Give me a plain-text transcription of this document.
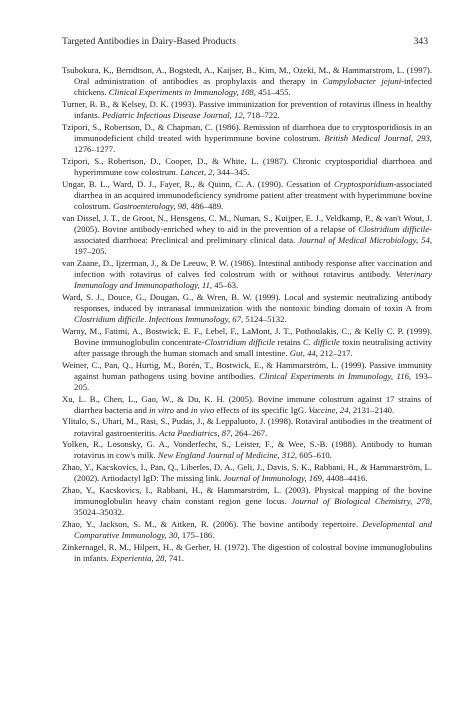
Targeted Antibodies in Dairy-Based Products	343

Tsubokura, K., Berndtson, A., Bogstedt, A., Kaijser, B., Kim, M., Ozeki, M., & Hammarstrom, L. (1997). Oral administration of antibodies as prophylaxis and therapy in Campylobacter jejuni-infected chickens. Clinical Experiments in Immunology, 108, 451–455.

Turner, R. B., & Kelsey, D. K. (1993). Passive immunization for prevention of rotavirus illness in healthy infants. Pediatric Infectious Disease Journal, 12, 718–722.

Tzipori, S., Robertson, D., & Chapman, C. (1986). Remission of diarrhoea due to cryptosporidiosis in an immunodeficient child treated with hyperimmune bovine colostrum. British Medical Journal, 293, 1276–1277.

Tzipori, S., Robertson, D., Cooper, D., & White, L. (1987). Chronic cryptosporidial diarrhoea and hyperimmune cow colostrum. Lancet, 2, 344–345.

Ungar, B. L., Ward, D. J., Fayer, R., & Quinn, C. A. (1990). Cessation of Cryptosporidium-associated diarrhea in an acquired immunodeficiency syndrome patient after treatment with hyperimmune bovine colostrum. Gastroenterology, 98, 486–489.

van Dissel, J. T., de Groot, N., Hensgens, C. M., Numan, S., Kuijper, E. J., Veldkamp, P., & van't Wout, J. (2005). Bovine antibody-enriched whey to aid in the prevention of a relapse of Clostridium difficile-associated diarrhoea: Preclinical and preliminary clinical data. Journal of Medical Microbiology, 54, 197–205.

van Zaane, D., Ijzerman, J., & De Leeuw, P. W. (1986). Intestinal antibody response after vaccination and infection with rotavirus of calves fed colostrum with or without rotavirus antibody. Veterinary Immunology and Immunopathology, 11, 45–63.

Ward, S. J., Douce, G., Dougan, G., & Wren, B. W. (1999). Local and systemic neutralizing antibody responses, induced by intranasal immunization with the nontoxic binding domain of toxin A from Clostridium difficile. Infectious Immunology, 67, 5124–5132.

Warny, M., Fatimi, A., Bostwick, E. F., Lebel, F., LaMont, J. T., Pothoulakis, C., & Kelly C. P. (1999). Bovine immunoglobulin concentrate-Clostridium difficile retains C. difficile toxin neutralising activity after passage through the human stomach and small intestine. Gut, 44, 212–217.

Weiner, C., Pan, Q., Hurtig, M., Borén, T., Bostwick, E., & Hammarström, L. (1999). Passive immunity against human pathogens using bovine antibodies. Clinical Experiments in Immunology, 116, 193–205.

Xu, L. B., Chen, L., Gao, W., & Du, K. H. (2005). Bovine immune colostrum against 17 strains of diarrhea bacteria and in vitro and in vivo effects of its specific IgG. Vaccine, 24, 2131–2140.

Ylitalo, S., Uhari, M., Rasi, S., Pudas, J., & Leppaluoto, J. (1998). Rotaviral antibodies in the treatment of rotaviral gastroenteritis. Acta Paediatrics, 87, 264–267.

Yolken, R., Losonsky, G. A., Vonderfecht, S., Leister, F., & Wee, S.-B. (1988). Antibody to human rotavirus in cow's milk. New England Journal of Medicine, 312, 605–610.

Zhao, Y., Kacskovics, I., Pan, Q., Liberles, D. A., Geli, J., Davis, S. K., Rabbani, H., & Hammarström, L. (2002). Artiodactyl IgD: The missing link. Journal of Immunology, 169, 4408–4416.

Zhao, Y., Kacskovics, I., Rabbani, H., & Hammarström, L. (2003). Physical mapping of the bovine immunoglobulin heavy chain constant region gene locus. Journal of Biological Chemistry, 278, 35024–35032.

Zhao, Y., Jackson, S. M., & Aitken, R. (2006). The bovine antibody repertoire. Developmental and Comparative Immunology, 30, 175–186.

Zinkernagel, R. M., Hilpert, H., & Gerber, H. (1972). The digestion of colostral bovine immunoglobulins in infants. Experientia, 28, 741.
